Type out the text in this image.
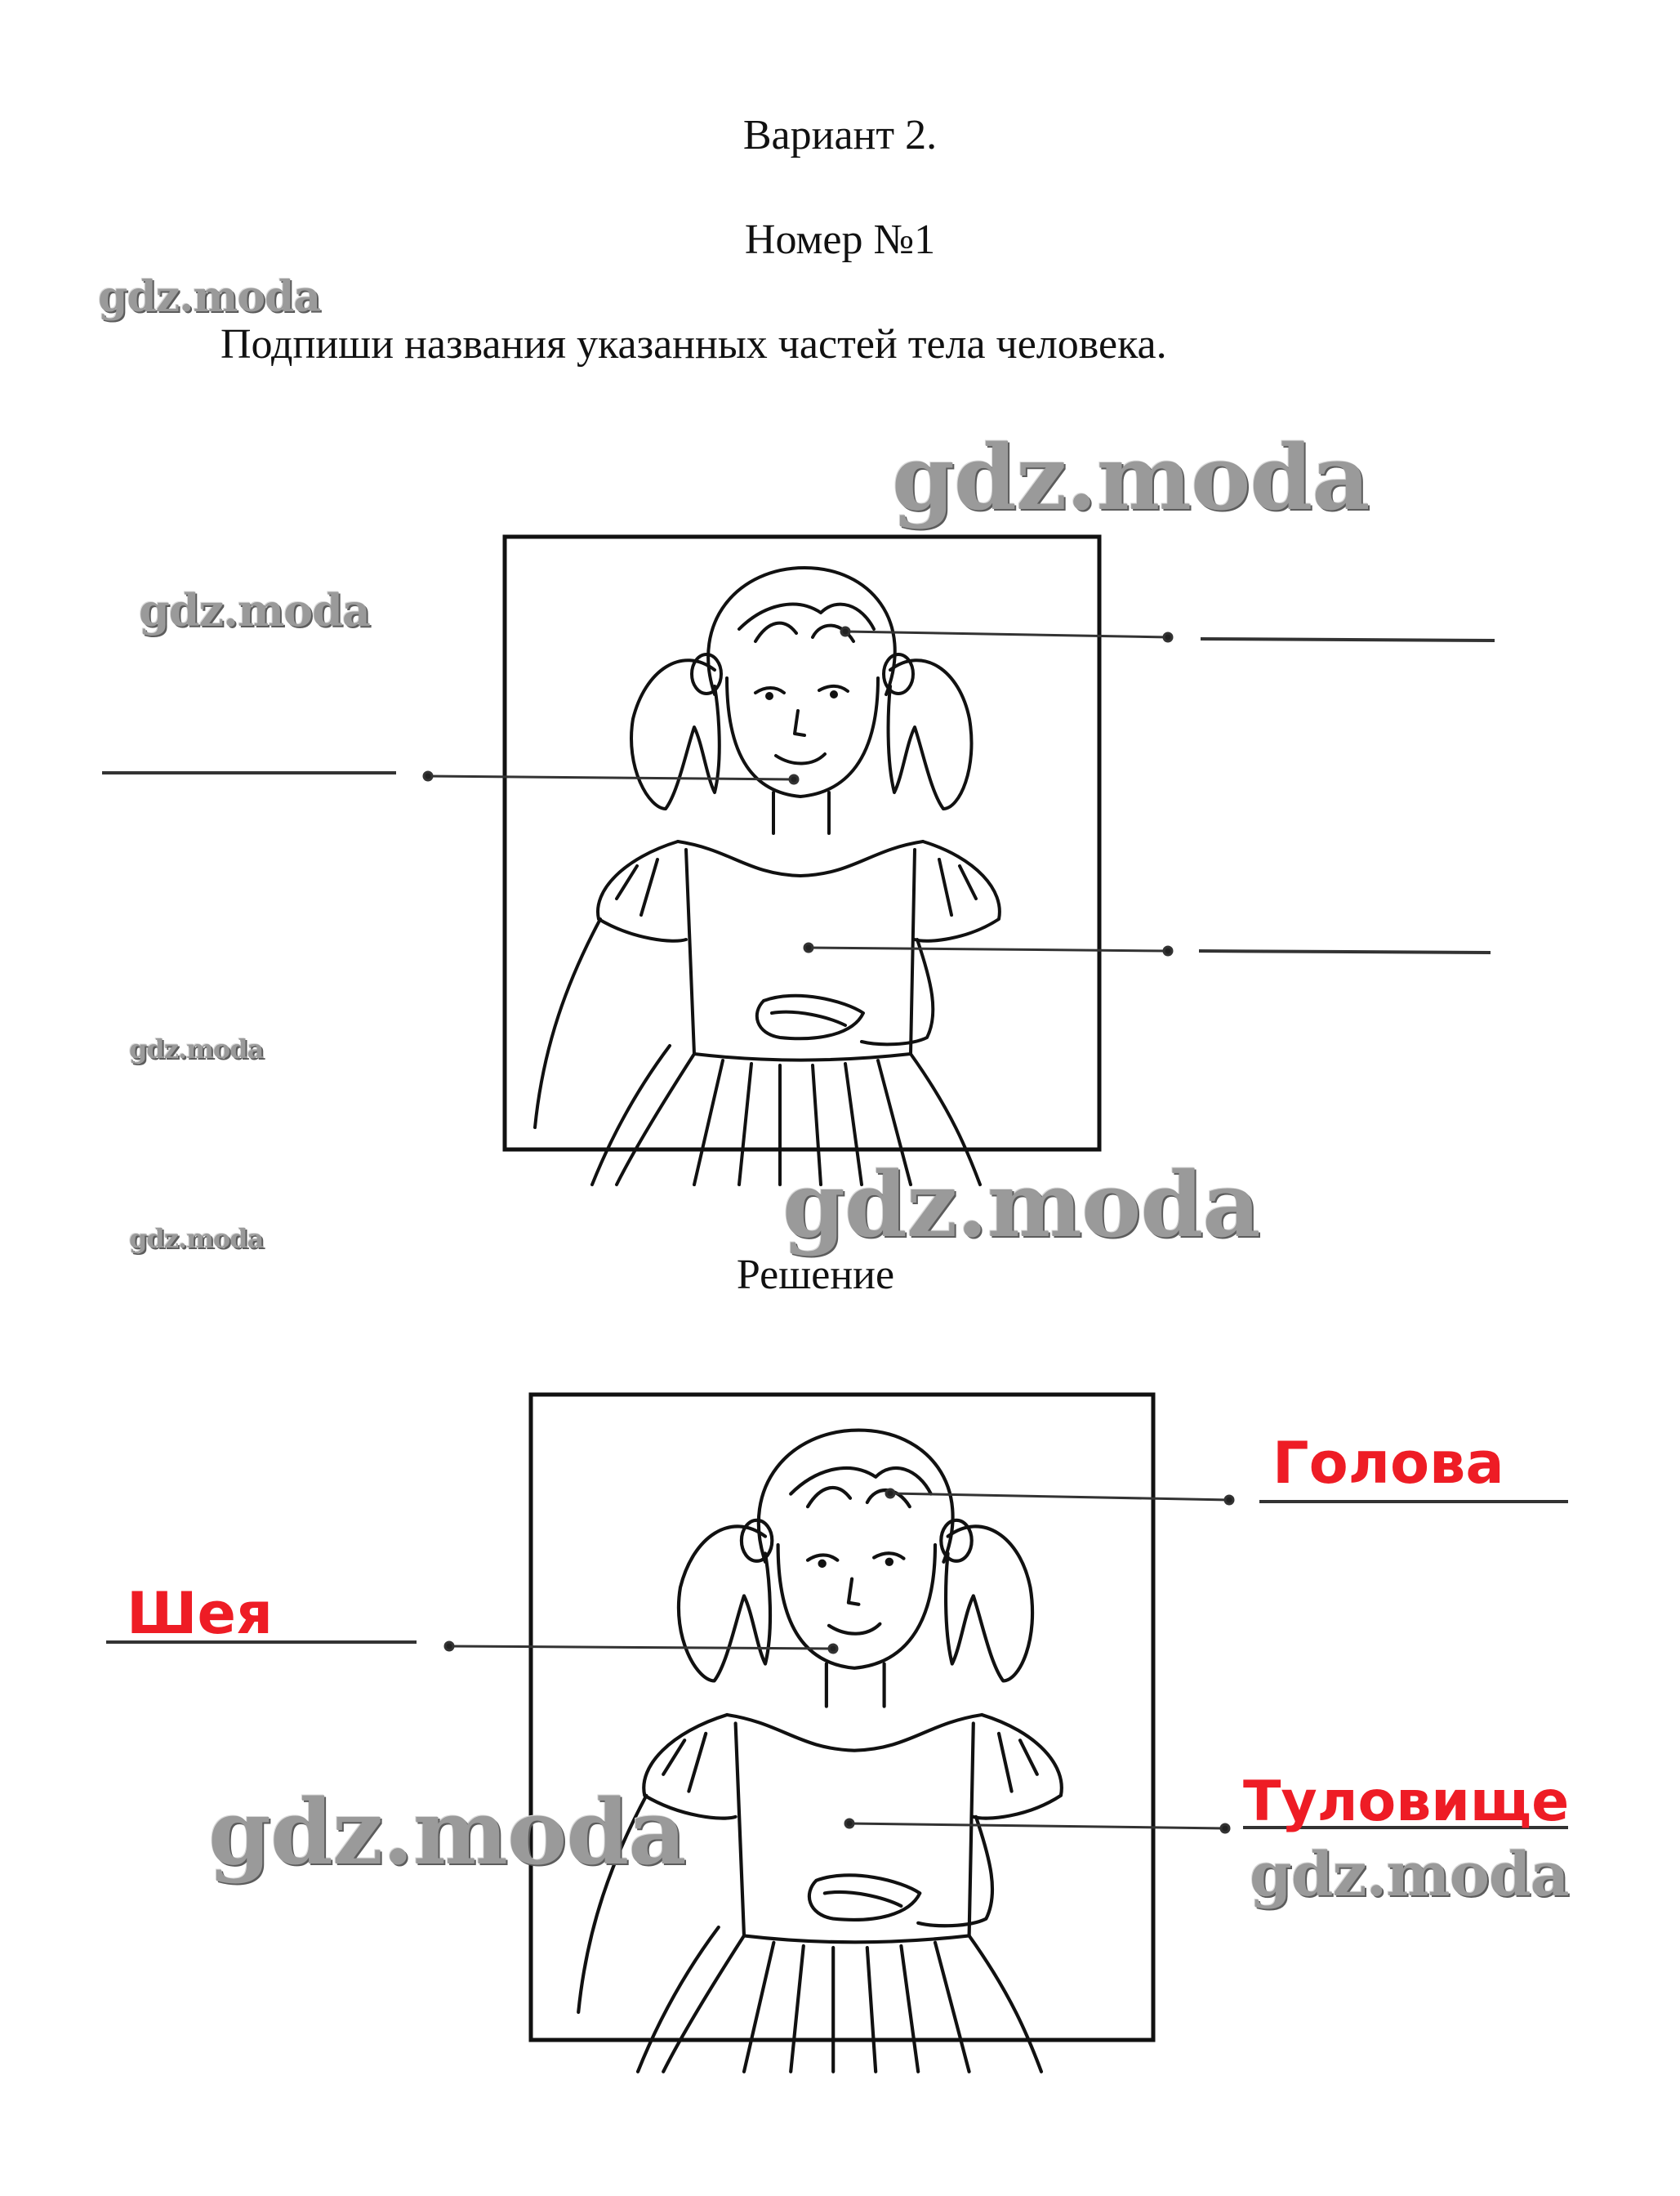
Вариант 2.
Номер №1
Подпиши названия указанных частей тела человека.
Решение
Голова
Шея
Туловище
gdz.moda
gdz.moda
gdz.moda
gdz.moda
gdz.moda
gdz.moda
gdz.moda	gdz.moda
